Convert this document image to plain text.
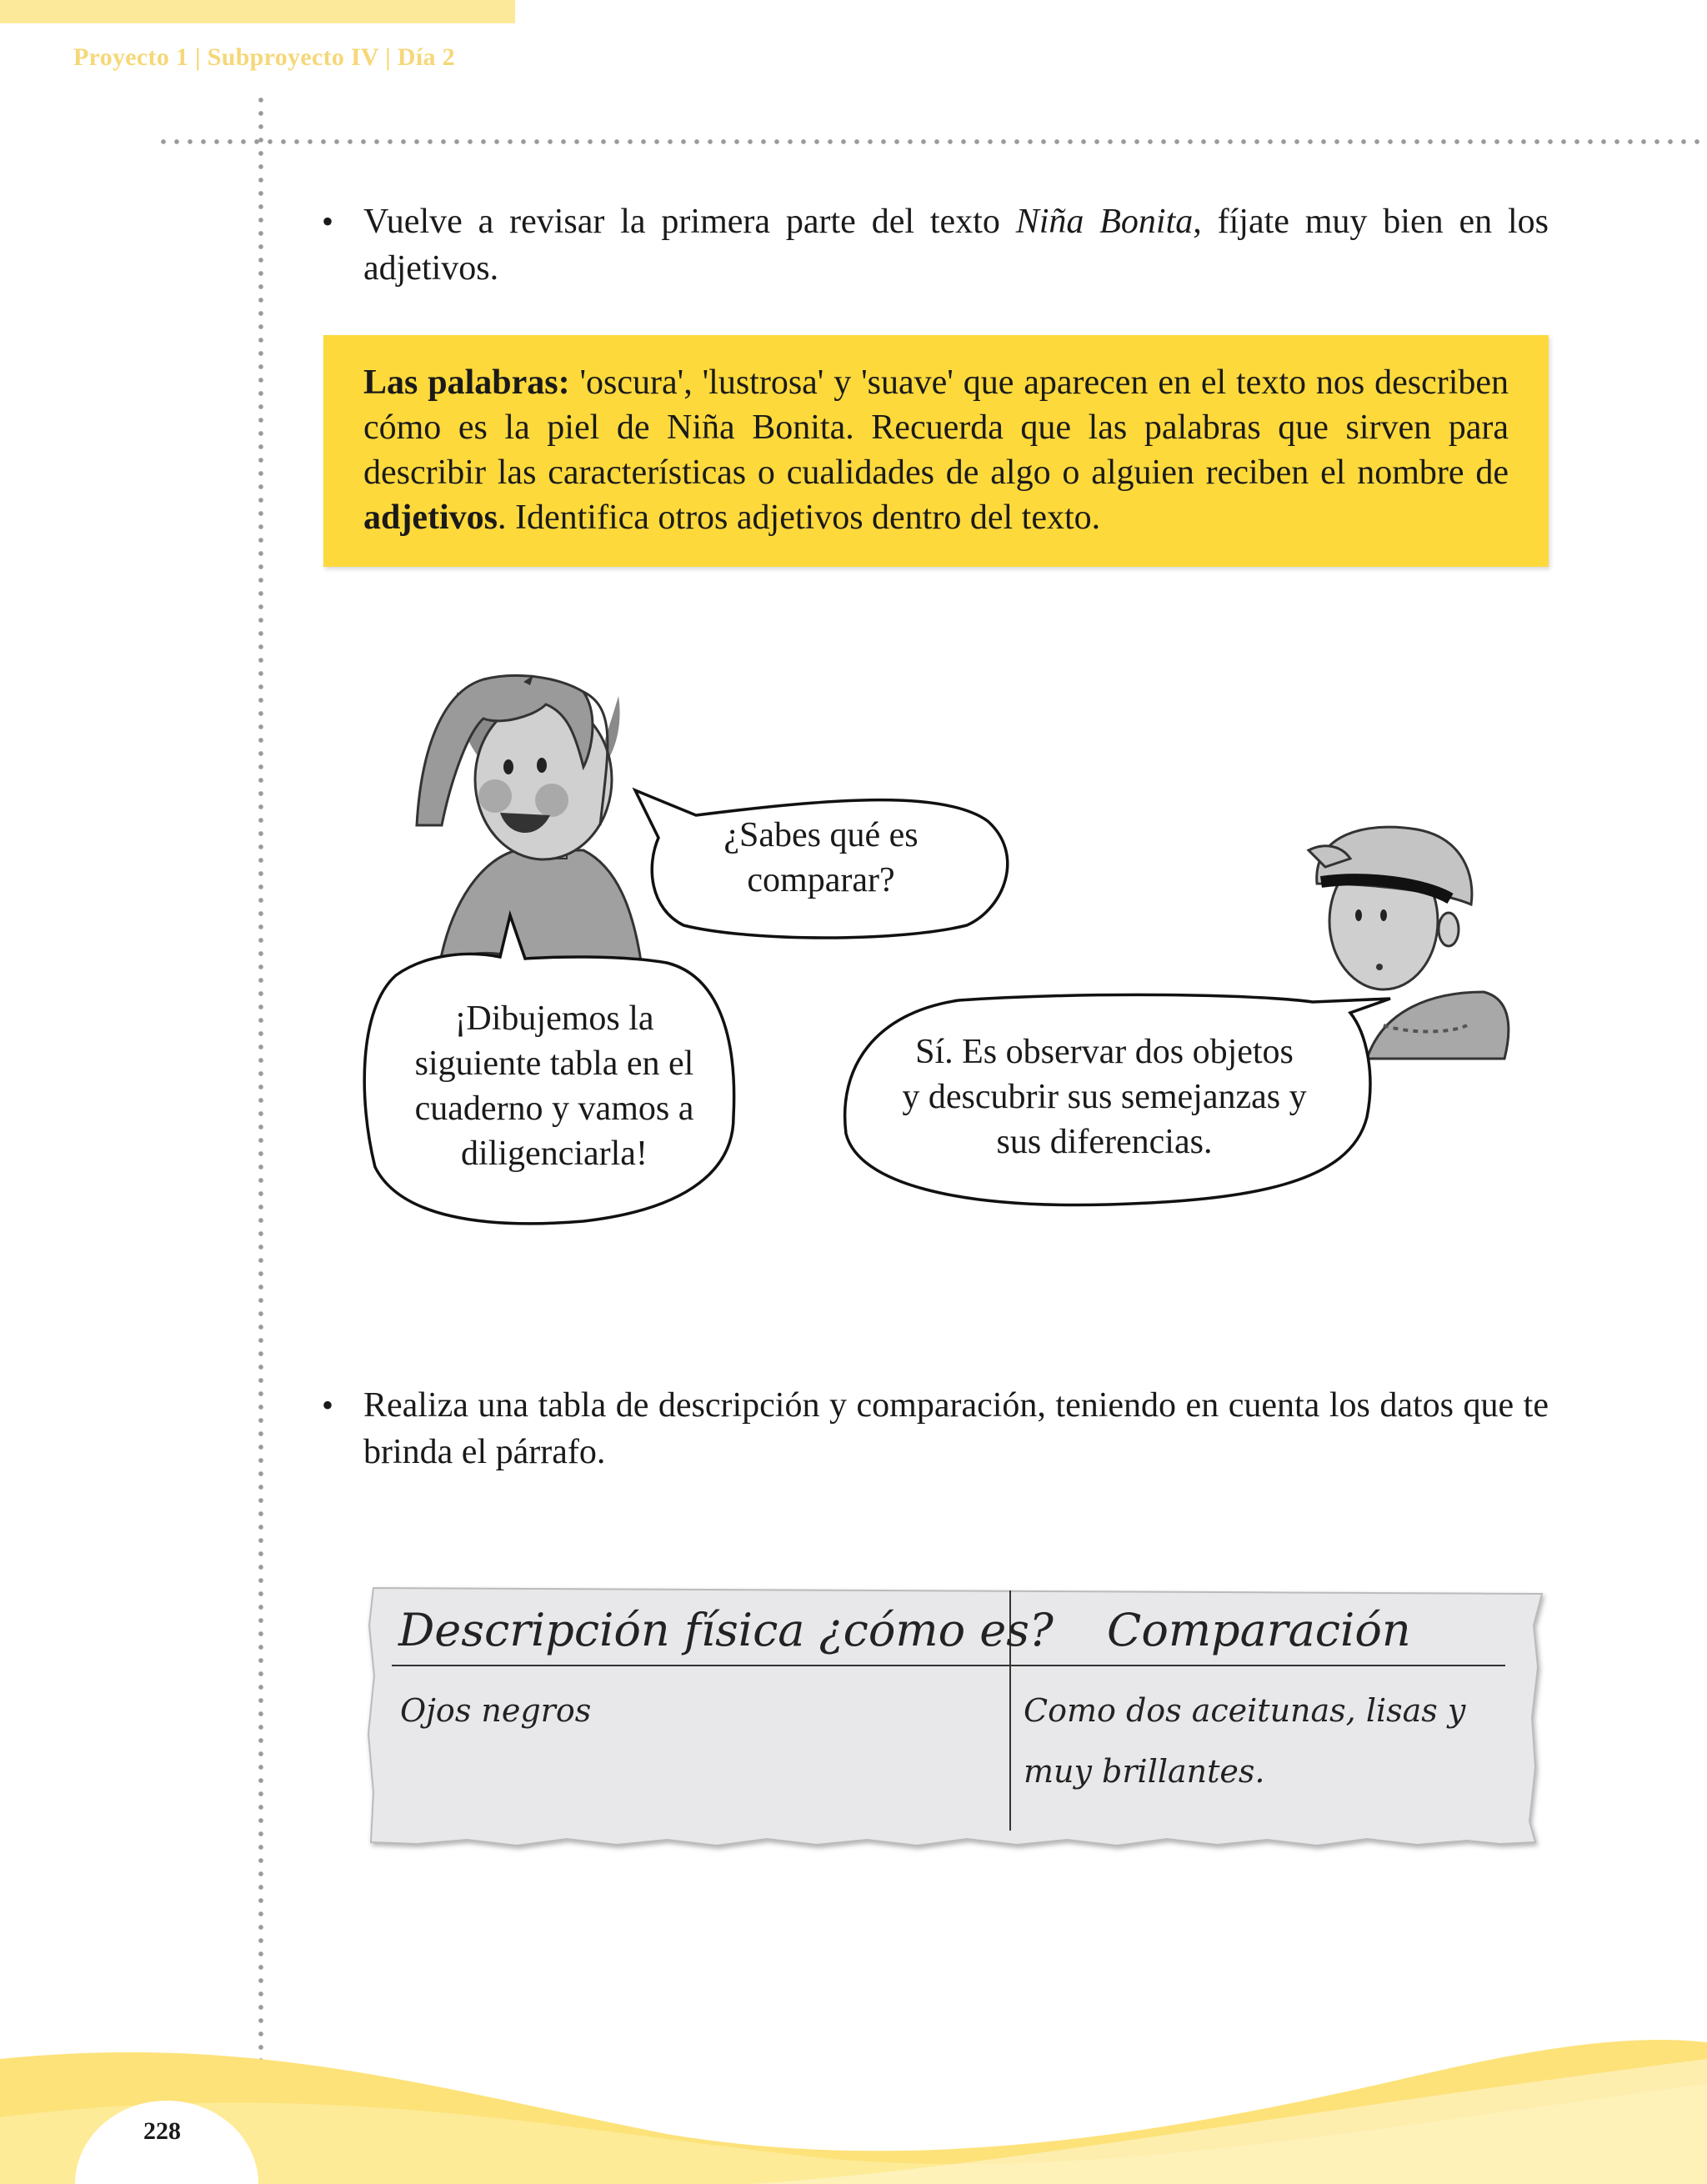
Proyecto 1 | Subproyecto IV | Día 2
• Vuelve a revisar la primera parte del texto Niña Bonita, fíjate muy bien en los adjetivos.
Las palabras: 'oscura', 'lustrosa' y 'suave' que aparecen en el texto nos describen cómo es la piel de Niña Bonita. Recuerda que las palabras que sirven para describir las características o cualidades de algo o alguien reciben el nombre de adjetivos. Identifica otros adjetivos dentro del texto.
¿Sabes qué es
comparar?
¡Dibujemos la
siguiente tabla en el
cuaderno y vamos a
diligenciarla!
Sí. Es observar dos objetos
y descubrir sus semejanzas y
sus diferencias.
• Realiza una tabla de descripción y comparación, teniendo en cuenta los datos que te brinda el párrafo.
Descripción física ¿cómo es? Comparación
Ojos negros	Como dos aceitunas, lisas y
muy brillantes.
228
